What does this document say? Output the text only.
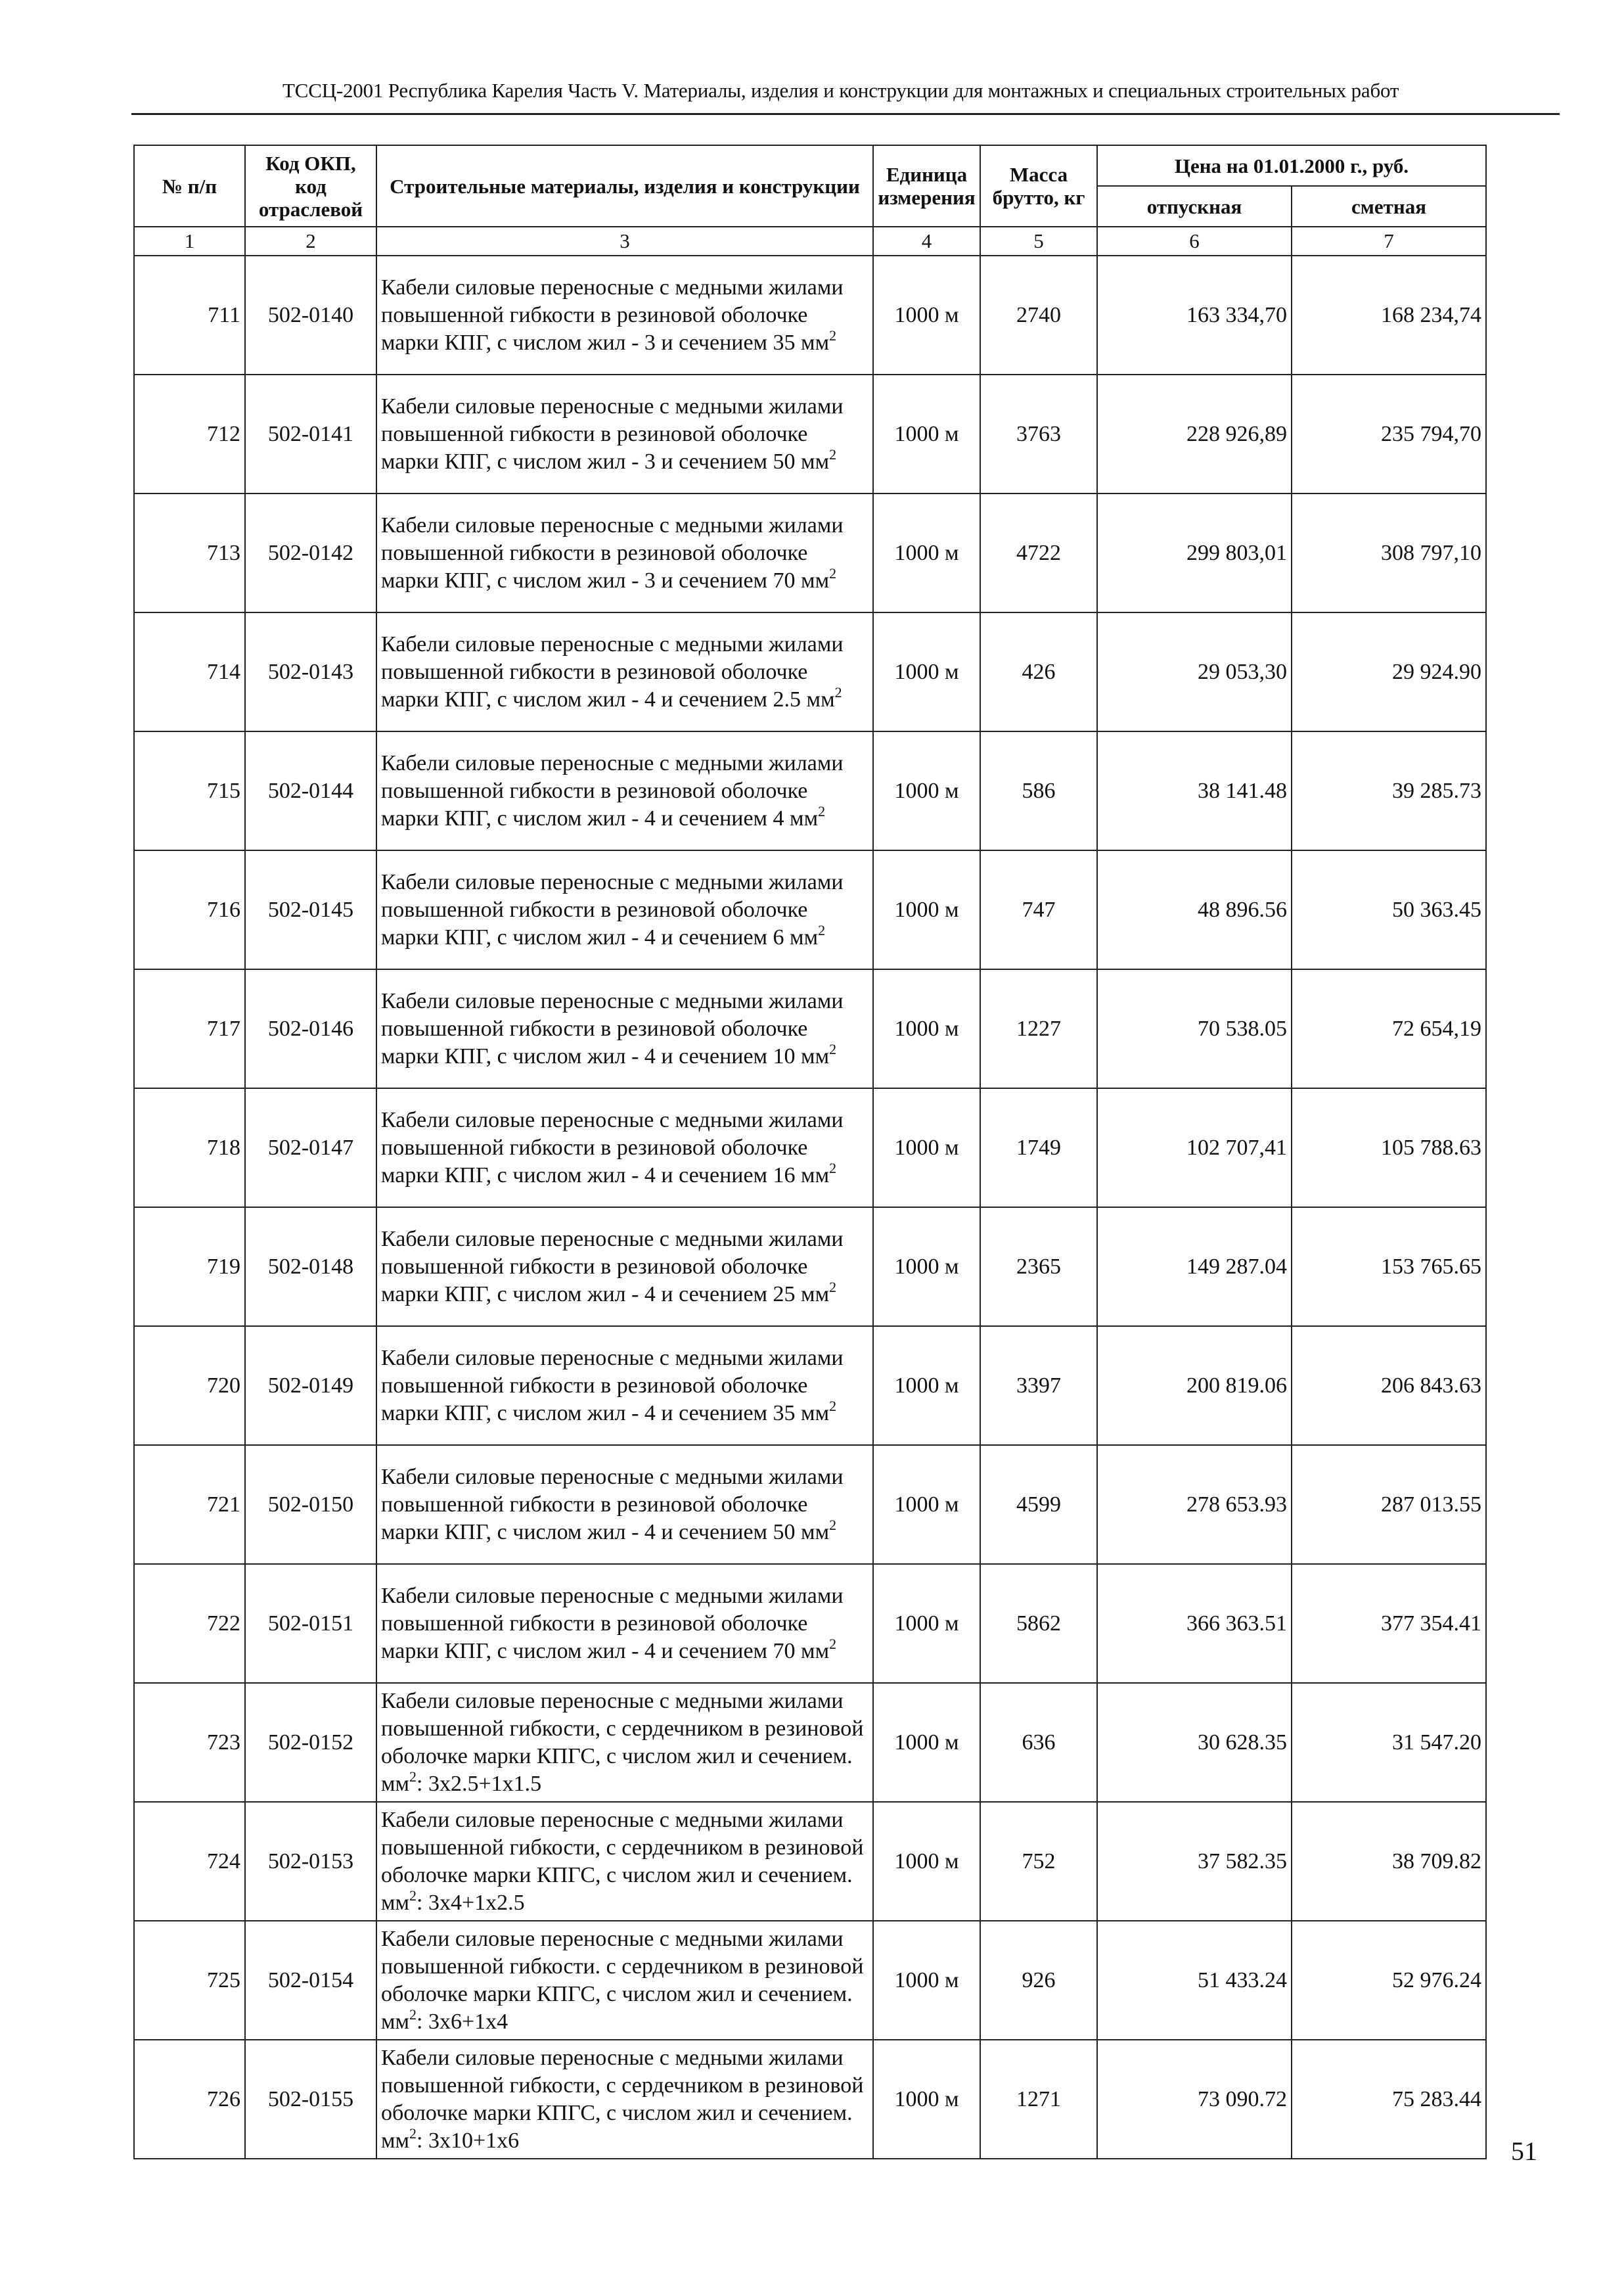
ТССЦ-2001 Республика Карелия Часть V. Материалы, изделия и конструкции для монтажных и специальных строительных работ
№ п/п	Код ОКП, код отраслевой	Строительные материалы, изделия и конструкции	Единица измерения	Масса брутто, кг	Цена на 01.01.2000 г., руб.	
					отпускная	сметная
1	2	3	4	5	6	7
711	502-0140	Кабели силовые переносные с медными жилами повышенной гибкости в резиновой оболочке марки КПГ, с числом жил - 3 и сечением 35 $мм^2$	1000 м	2740	163 334,70	168 234,74
712	502-0141	Кабели силовые переносные с медными жилами повышенной гибкости в резиновой оболочке марки КПГ, с числом жил - 3 и сечением 50 $мм^2$	1000 м	3763	228 926,89	235 794,70
713	502-0142	Кабели силовые переносные с медными жилами повышенной гибкости в резиновой оболочке марки КПГ, с числом жил - 3 и сечением 70 $мм^2$	1000 м	4722	299 803,01	308 797,10
714	502-0143	Кабели силовые переносные с медными жилами повышенной гибкости в резиновой оболочке марки КПГ, с числом жил - 4 и сечением 2.5 $мм^2$	1000 м	426	29 053,30	29 924.90
715	502-0144	Кабели силовые переносные с медными жилами повышенной гибкости в резиновой оболочке марки КПГ, с числом жил - 4 и сечением 4 $мм^2$	1000 м	586	38 141.48	39 285.73
716	502-0145	Кабели силовые переносные с медными жилами повышенной гибкости в резиновой оболочке марки КПГ, с числом жил - 4 и сечением 6 $мм^2$	1000 м	747	48 896.56	50 363.45
717	502-0146	Кабели силовые переносные с медными жилами повышенной гибкости в резиновой оболочке марки КПГ, с числом жил - 4 и сечением 10 $мм^2$	1000 м	1227	70 538.05	72 654,19
718	502-0147	Кабели силовые переносные с медными жилами повышенной гибкости в резиновой оболочке марки КПГ, с числом жил - 4 и сечением 16 $мм^2$	1000 м	1749	102 707,41	105 788.63
719	502-0148	Кабели силовые переносные с медными жилами повышенной гибкости в резиновой оболочке марки КПГ, с числом жил - 4 и сечением 25 $мм^2$	1000 м	2365	149 287.04	153 765.65
720	502-0149	Кабели силовые переносные с медными жилами повышенной гибкости в резиновой оболочке марки КПГ, с числом жил - 4 и сечением 35 $мм^2$	1000 м	3397	200 819.06	206 843.63
721	502-0150	Кабели силовые переносные с медными жилами повышенной гибкости в резиновой оболочке марки КПГ, с числом жил - 4 и сечением 50 $мм^2$	1000 м	4599	278 653.93	287 013.55
722	502-0151	Кабели силовые переносные с медными жилами повышенной гибкости в резиновой оболочке марки КПГ, с числом жил - 4 и сечением 70 $мм^2$	1000 м	5862	366 363.51	377 354.41
723	502-0152	Кабели силовые переносные с медными жилами повышенной гибкости, с сердечником в резиновой оболочке марки КПГС, с числом жил и сечением. $мм^2$: 3х2.5+1х1.5	1000 м	636	30 628.35	31 547.20
724	502-0153	Кабели силовые переносные с медными жилами повышенной гибкости, с сердечником в резиновой оболочке марки КПГС, с числом жил и сечением. $мм^2$: 3х4+1х2.5	1000 м	752	37 582.35	38 709.82
725	502-0154	Кабели силовые переносные с медными жилами повышенной гибкости. с сердечником в резиновой оболочке марки КПГС, с числом жил и сечением. $мм^2$: 3х6+1х4	1000 м	926	51 433.24	52 976.24
726	502-0155	Кабели силовые переносные с медными жилами повышенной гибкости, с сердечником в резиновой оболочке марки КПГС, с числом жил и сечением. $мм^2$: 3х10+1х6	1000 м	1271	73 090.72	75 283.44
51
